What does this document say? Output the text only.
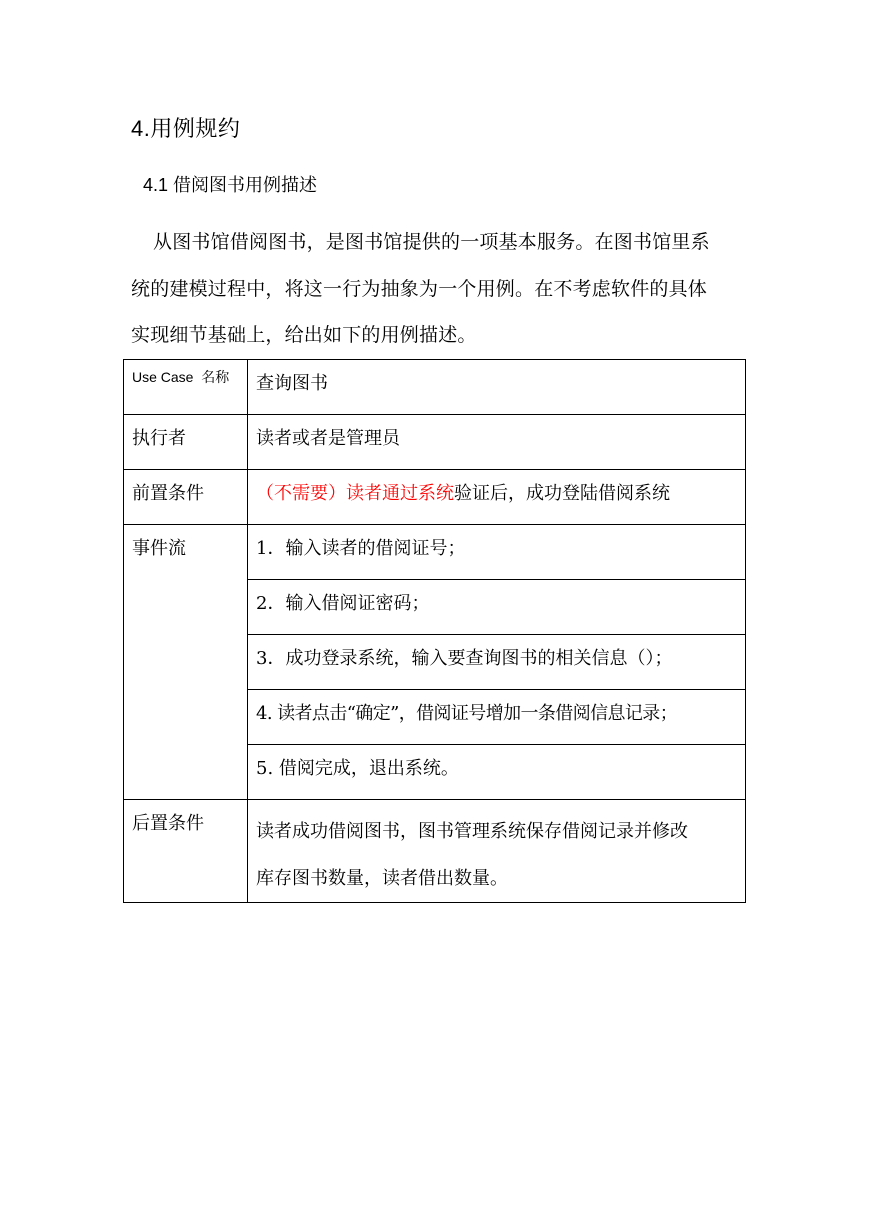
4.用例规约
4.1 借阅图书用例描述
从图书馆借阅图书，是图书馆提供的一项基本服务。在图书馆里系
统的建模过程中，将这一行为抽象为一个用例。在不考虑软件的具体
实现细节基础上，给出如下的用例描述。
Use Case 名称	查询图书

执行者	读者或者是管理员

前置条件	（不需要）读者通过系统验证后，成功登陆借阅系统

事件流	1．输入读者的借阅证号；

	2．输入借阅证密码；

	3．成功登录系统，输入要查询图书的相关信息（）；

	4. 读者点击“确定”，借阅证号增加一条借阅信息记录；

	5. 借阅完成，退出系统。

后置条件	读者成功借阅图书，图书管理系统保存借阅记录并修改
库存图书数量，读者借出数量。
